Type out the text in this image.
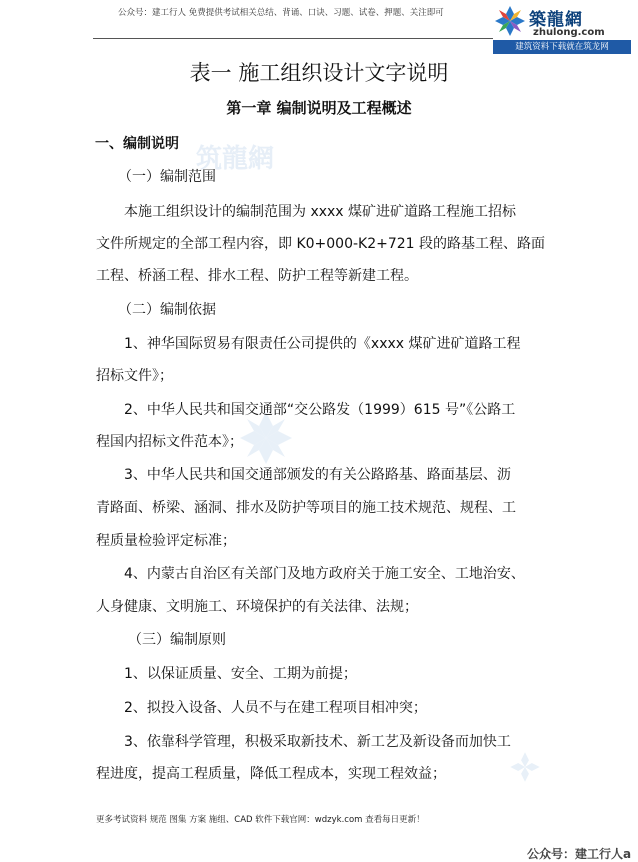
公众号：建工行人 免费提供考试相关总结、背诵、口诀、习题、试卷、押题、关注即可	築龍網
zhulong.com
建筑资料下载就在筑龙网
筑龍網
表一 施工组织设计文字说明
第一章 编制说明及工程概述
一、编制说明
（一）编制范围
本施工组织设计的编制范围为 xxxx 煤矿进矿道路工程施工招标
文件所规定的全部工程内容，即 K0+000-K2+721 段的路基工程、路面
工程、桥涵工程、排水工程、防护工程等新建工程。
（二）编制依据
1、神华国际贸易有限责任公司提供的《xxxx 煤矿进矿道路工程
招标文件》；
2、中华人民共和国交通部“交公路发（1999）615 号”《公路工
程国内招标文件范本》；
3、中华人民共和国交通部颁发的有关公路路基、路面基层、沥
青路面、桥梁、涵洞、排水及防护等项目的施工技术规范、规程、工
程质量检验评定标准；
4、内蒙古自治区有关部门及地方政府关于施工安全、工地治安、
人身健康、文明施工、环境保护的有关法律、法规；
（三）编制原则
1、以保证质量、安全、工期为前提；
2、拟投入设备、人员不与在建工程项目相冲突；
3、依靠科学管理，积极采取新技术、新工艺及新设备而加快工
程进度，提高工程质量，降低工程成本，实现工程效益；
更多考试资料 规范 图集 方案 施组、CAD 软件下载官网：wdzyk.com 查看每日更新！
公众号：建工行人a
